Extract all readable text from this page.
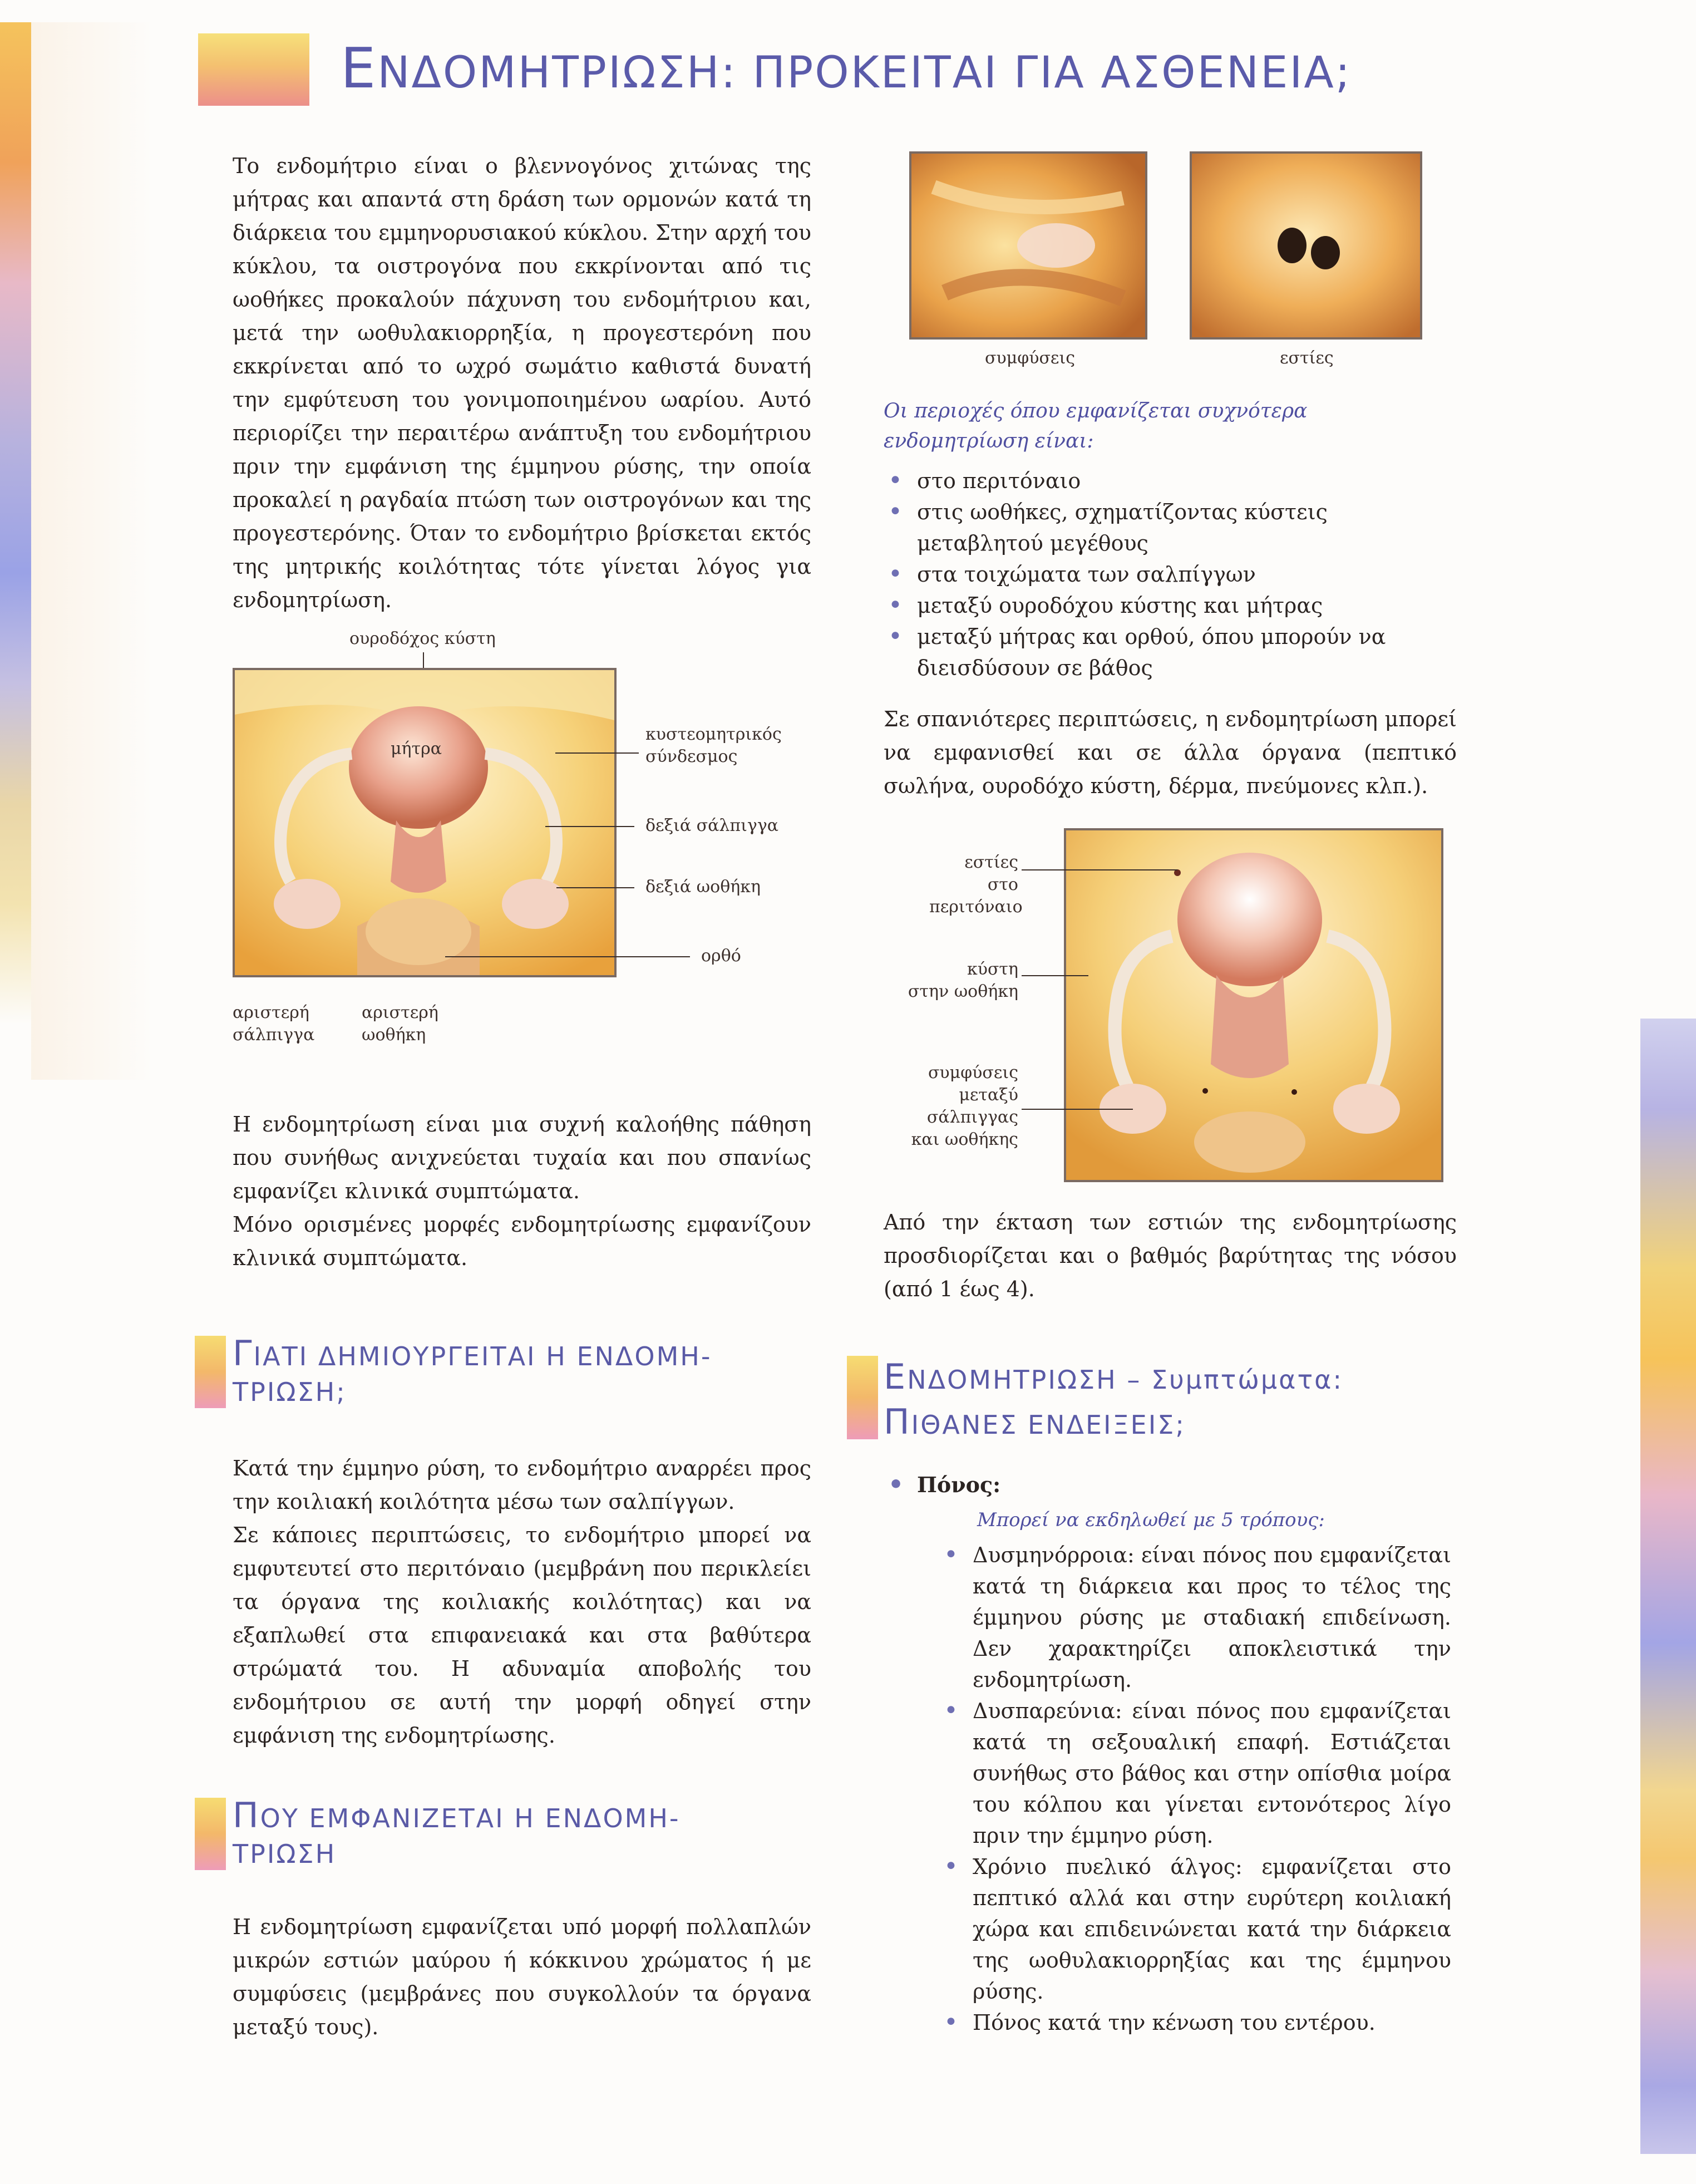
ΕΝΔΟΜΗΤΡΙΩΣΗ: ΠΡΟΚΕΙΤΑΙ ΓΙΑ ΑΣΘΕΝΕΙΑ;
Το ενδομήτριο είναι ο βλεννογόνος χιτώνας της μήτρας και απαντά στη δράση των ορμονών κατά τη διάρκεια του εμμηνορυσιακού κύκλου. Στην αρχή του κύκλου, τα οιστρογόνα που εκκρίνονται από τις ωοθήκες προκαλούν πάχυνση του ενδομήτριου και, μετά την ωοθυλακιορρηξία, η προγεστερόνη που εκκρίνεται από το ωχρό σωμάτιο καθιστά δυνατή την εμφύτευση του γονιμοποιημένου ωαρίου. Αυτό περιορίζει την περαιτέρω ανάπτυξη του ενδομήτριου πριν την εμφάνιση της έμμηνου ρύσης, την οποία προκαλεί η ραγδαία πτώση των οιστρογόνων και της προγεστερόνης. Όταν το ενδομήτριο βρίσκεται εκτός της μητρικής κοιλότητας τότε γίνεται λόγος για ενδομητρίωση.
ουροδόχος κύστη
μήτρα
κυστεομητρικός
σύνδεσμος
δεξιά σάλπιγγα
δεξιά ωοθήκη
ορθό
αριστερή
σάλπιγγα
αριστερή
ωοθήκη
Η ενδομητρίωση είναι μια συχνή καλοήθης πάθηση που συνήθως ανιχνεύεται τυχαία και που σπανίως εμφανίζει κλινικά συμπτώματα.
Μόνο ορισμένες μορφές ενδομητρίωσης εμφανίζουν κλινικά συμπτώματα.
ΓΙΑΤΙ ΔΗΜΙΟΥΡΓΕΙΤΑΙ Η ΕΝΔΟΜΗ-
ΤΡΙΩΣΗ;
Κατά την έμμηνο ρύση, το ενδομήτριο αναρρέει προς την κοιλιακή κοιλότητα μέσω των σαλπίγγων.
Σε κάποιες περιπτώσεις, το ενδομήτριο μπορεί να εμφυτευτεί στο περιτόναιο (μεμβράνη που περικλείει τα όργανα της κοιλιακής κοιλότητας) και να εξαπλωθεί στα επιφανειακά και στα βαθύτερα στρώματά του. Η αδυναμία αποβολής του ενδομήτριου σε αυτή την μορφή οδηγεί στην εμφάνιση της ενδομητρίωσης.
ΠΟΥ ΕΜΦΑΝΙΖΕΤΑΙ Η ΕΝΔΟΜΗ-
ΤΡΙΩΣΗ
Η ενδομητρίωση εμφανίζεται υπό μορφή πολλαπλών μικρών εστιών μαύρου ή κόκκινου χρώματος ή με συμφύσεις (μεμβράνες που συγκολλούν τα όργανα μεταξύ τους).
συμφύσεις	εστίες
Οι περιοχές όπου εμφανίζεται συχνότερα ενδομητρίωση είναι:
• στο περιτόναιο
• στις ωοθήκες, σχηματίζοντας κύστεις μεταβλητού μεγέθους
• στα τοιχώματα των σαλπίγγων
• μεταξύ ουροδόχου κύστης και μήτρας
• μεταξύ μήτρας και ορθού, όπου μπορούν να διεισδύσουν σε βάθος
Σε σπανιότερες περιπτώσεις, η ενδομητρίωση μπορεί να εμφανισθεί και σε άλλα όργανα (πεπτικό σωλήνα, ουροδόχο κύστη, δέρμα, πνεύμονες κλπ.).
εστίες στο
περιτόναιο
κύστη
στην ωοθήκη
συμφύσεις
μεταξύ
σάλπιγγας
και ωοθήκης
Από την έκταση των εστιών της ενδομητρίωσης προσδιορίζεται και ο βαθμός βαρύτητας της νόσου (από 1 έως 4).
ΕΝΔΟΜΗΤΡΙΩΣΗ – Συμπτώματα:
ΠΙΘΑΝΕΣ ΕΝΔΕΙΞΕΙΣ;
• Πόνος:
Μπορεί να εκδηλωθεί με 5 τρόπους:
• Δυσμηνόρροια: είναι πόνος που εμφανίζεται κατά τη διάρκεια και προς το τέλος της έμμηνου ρύσης με σταδιακή επιδείνωση. Δεν χαρακτηρίζει αποκλειστικά την ενδομητρίωση.
• Δυσπαρεύνια: είναι πόνος που εμφανίζεται κατά τη σεξουαλική επαφή. Εστιάζεται συνήθως στο βάθος και στην οπίσθια μοίρα του κόλπου και γίνεται εντονότερος λίγο πριν την έμμηνο ρύση.
• Χρόνιο πυελικό άλγος: εμφανίζεται στο πεπτικό αλλά και στην ευρύτερη κοιλιακή χώρα και επιδεινώνεται κατά την διάρκεια της ωοθυλακιορρηξίας και της έμμηνου ρύσης.
• Πόνος κατά την κένωση του εντέρου.
